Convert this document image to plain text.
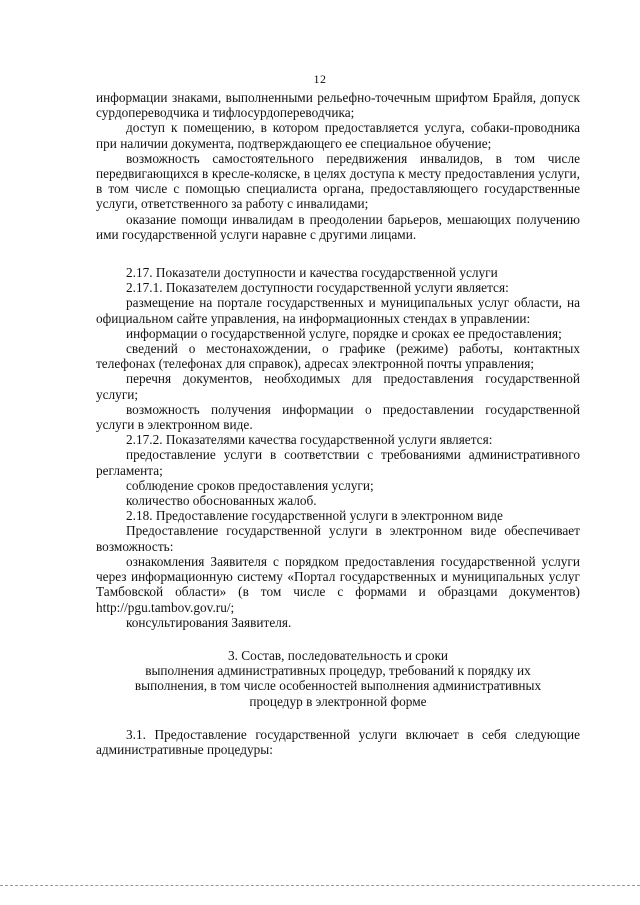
12

информации знаками, выполненными рельефно-точечным шрифтом Брайля, допуск сурдопереводчика и тифлосурдопереводчика;

доступ к помещению, в котором предоставляется услуга, собаки-проводника при наличии документа, подтверждающего ее специальное обучение;

возможность самостоятельного передвижения инвалидов, в том числе передвигающихся в кресле-коляске, в целях доступа к месту предоставления услуги, в том числе с помощью специалиста органа, предоставляющего государственные услуги, ответственного за работу с инвалидами;

оказание помощи инвалидам в преодолении барьеров, мешающих получению ими государственной услуги наравне с другими лицами.

2.17. Показатели доступности и качества государственной услуги

2.17.1. Показателем доступности государственной услуги является:

размещение на портале государственных и муниципальных услуг области, на официальном сайте управления, на информационных стендах в управлении:

информации о государственной услуге, порядке и сроках ее предоставления;

сведений о местонахождении, о графике (режиме) работы, контактных телефонах (телефонах для справок), адресах электронной почты управления;

перечня документов, необходимых для предоставления государственной услуги;

возможность получения информации о предоставлении государственной услуги в электронном виде.

2.17.2. Показателями качества государственной услуги является:

предоставление услуги в соответствии с требованиями административного регламента;

соблюдение сроков предоставления услуги;

количество обоснованных жалоб.

2.18. Предоставление государственной услуги в электронном виде

Предоставление государственной услуги в электронном виде обеспечивает возможность:

ознакомления Заявителя с порядком предоставления государственной услуги через информационную систему «Портал государственных и муниципальных услуг Тамбовской области» (в том числе с формами и образцами документов) http://pgu.tambov.gov.ru/;

консультирования Заявителя.

3. Состав, последовательность и сроки

выполнения административных процедур, требований к порядку их

выполнения, в том числе особенностей выполнения административных

процедур в электронной форме

3.1. Предоставление государственной услуги включает в себя следующие административные процедуры:
